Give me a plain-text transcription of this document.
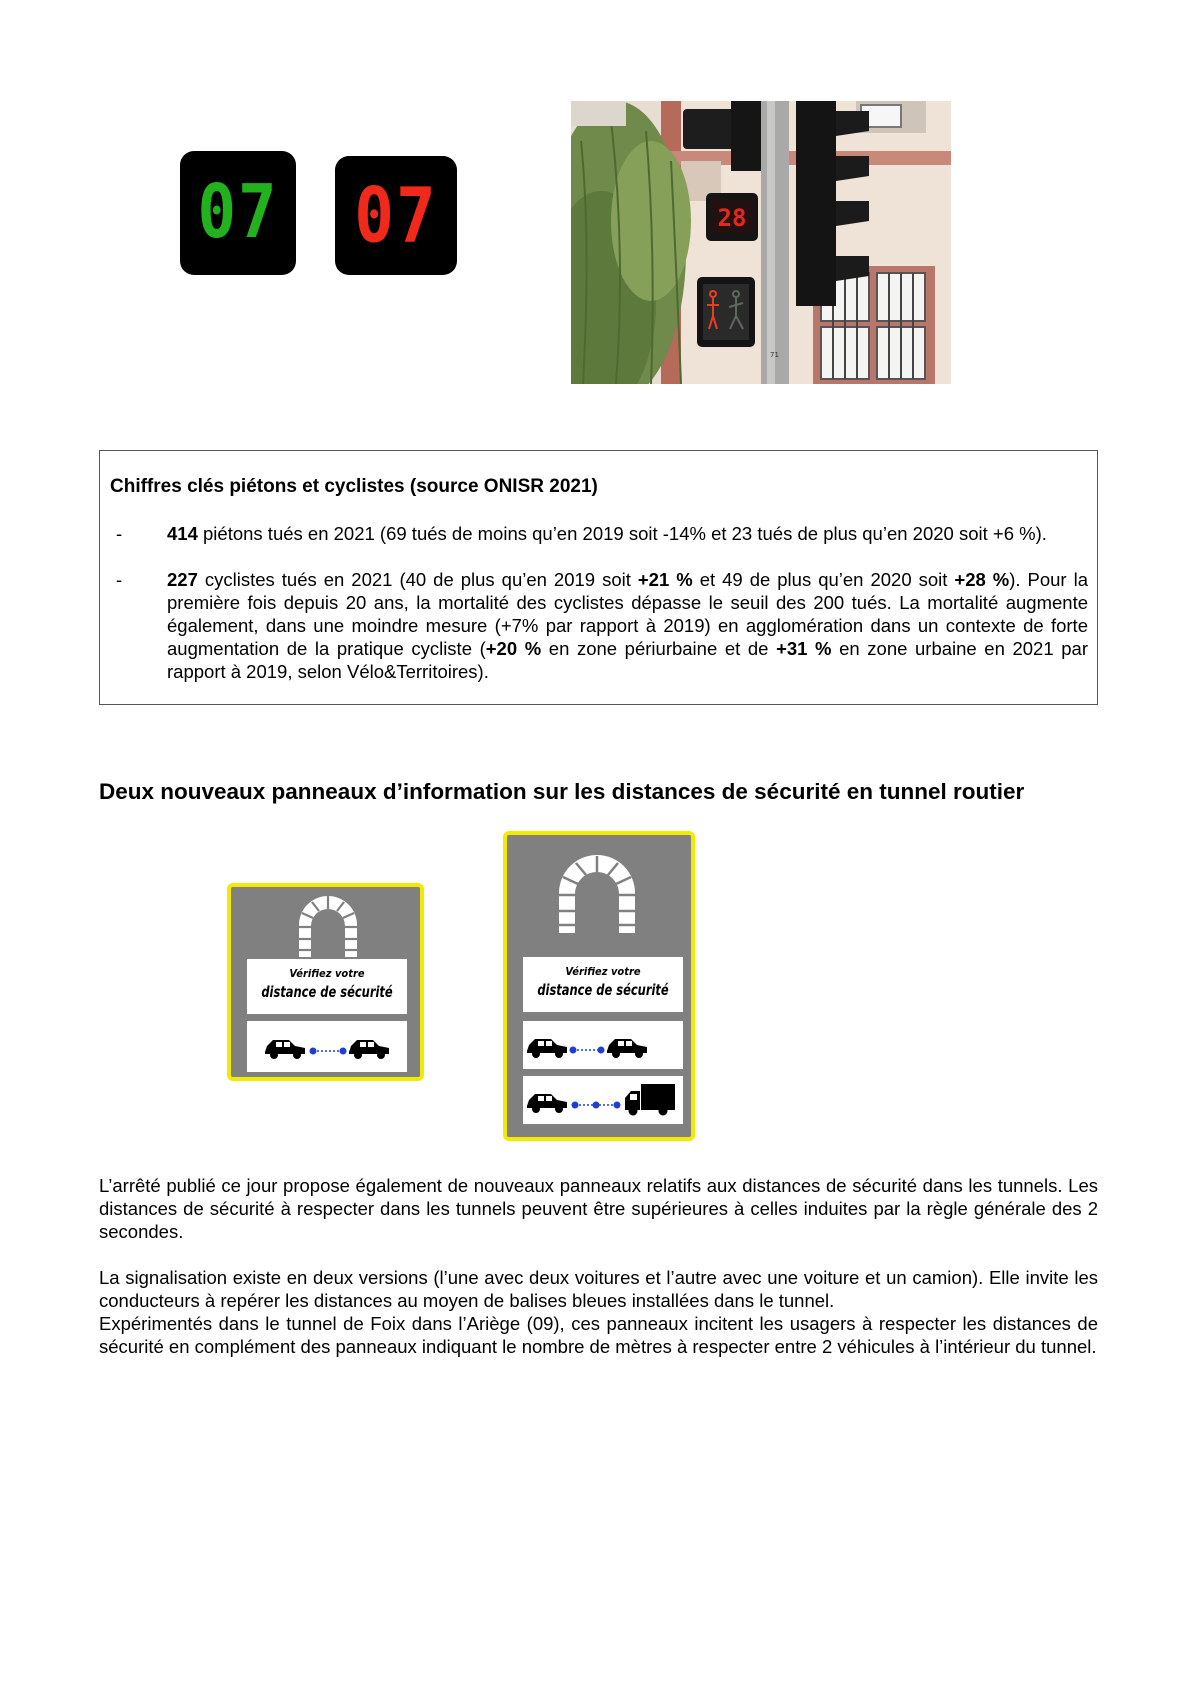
07 07
71
28
Chiffres clés piétons et cyclistes (source ONISR 2021)
- 414 piétons tués en 2021 (69 tués de moins qu’en 2019 soit -14% et 23 tués de plus qu’en 2020 soit +6 %).
- 227 cyclistes tués en 2021 (40 de plus qu’en 2019 soit +21 % et 49 de plus qu’en 2020 soit +28 %). Pour la première fois depuis 20 ans, la mortalité des cyclistes dépasse le seuil des 200 tués. La mortalité augmente également, dans une moindre mesure (+7% par rapport à 2019) en agglomération dans un contexte de forte augmentation de la pratique cycliste (+20 % en zone périurbaine et de +31 % en zone urbaine en 2021 par rapport à 2019, selon Vélo&Territoires).
Deux nouveaux panneaux d’information sur les distances de sécurité en tunnel routier
Vérifiez votre
distance de sécurité
Vérifiez votre
distance de sécurité
L’arrêté publié ce jour propose également de nouveaux panneaux relatifs aux distances de sécurité dans les tunnels. Les distances de sécurité à respecter dans les tunnels peuvent être supérieures à celles induites par la règle générale des 2 secondes.
La signalisation existe en deux versions (l’une avec deux voitures et l’autre avec une voiture et un camion). Elle invite les conducteurs à repérer les distances au moyen de balises bleues installées dans le tunnel.
Expérimentés dans le tunnel de Foix dans l’Ariège (09), ces panneaux incitent les usagers à respecter les distances de sécurité en complément des panneaux indiquant le nombre de mètres à respecter entre 2 véhicules à l’intérieur du tunnel.
